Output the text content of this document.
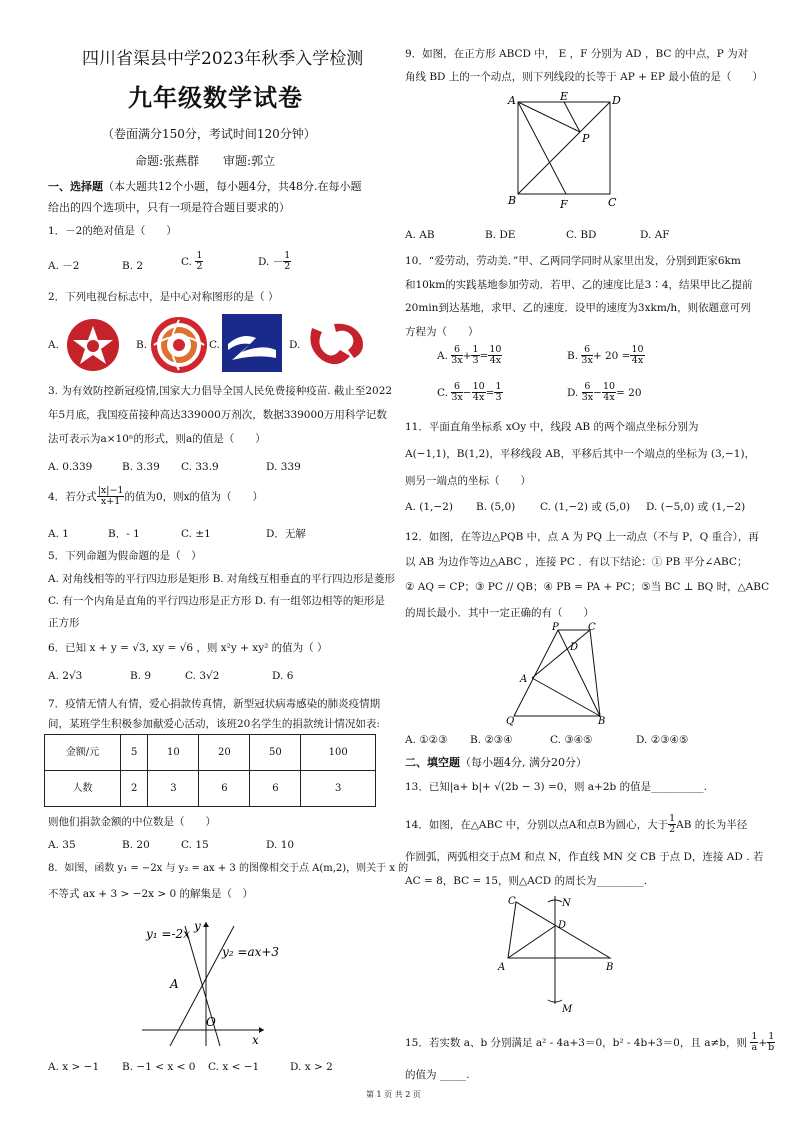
四川省渠县中学2023年秋季入学检测
九年级数学试卷
（卷面满分150分，考试时间120分钟）
命题:张燕群　　审题:郭立
一、选择题（本大题共12个小题，每小题4分，共48分.在每小题
给出的四个选项中，只有一项是符合题目要求的）
1．－2的绝对值是（　　）
A. －2	B. 2	C. $\frac{1}{2}$	D. － $\frac{1}{2}$
2．下列电视台标志中，是中心对称图形的是（ ）
A.	B.	C.	D.
3. 为有效防控新冠疫情,国家大力倡导全国人民免费接种疫苗. 截止至2022
年5月底，我国疫苗接种高达339000万剂次，数据339000万用科学记数
法可表示为a×10ⁿ的形式，则a的值是（　　）
A. 0.339	B. 3.39 C. 33.9	D. 339
4．若分式 $\frac{|x|-1}{x+1}$ 的值为0，则x的值为（　　）
A. 1	B．- 1	C. ±1	D．无解
5．下列命题为假命题的是（　）
A. 对角线相等的平行四边形是矩形 B. 对角线互相垂直的平行四边形是菱形
C. 有一个内角是直角的平行四边形是正方形 D. 有一组邻边相等的矩形是
正方形
6．已知 x + y = √3, xy = √6 ，则 x²y + xy² 的值为（ ）
A. 2√3	B. 9	C. 3√2	D. 6
7．疫情无情人有情，爱心捐款传真情，新型冠状病毒感染的肺炎疫情期
间，某班学生积极参加献爱心活动，该班20名学生的捐款统计情况如表:
金额/元	5	10	20	50	100
人数	2	3	6	6	3
则他们捐款金额的中位数是（　　）
A. 35	B. 20	C. 15	D. 10
8．如图，函数 y₁ = −2x 与 y₂ = ax + 3 的图像相交于点 A(m,2)，则关于 x 的
不等式 ax + 3 > −2x > 0 的解集是（　）
y₁ =-2x
y₂ =ax+3
y
A
O
x
A. x > −1 B. −1 < x < 0 C. x < −1	D. x > 2
9．如图，在正方形 ABCD 中， E ，F 分别为 AD ，BC 的中点，P 为对
角线 BD 上的一个动点，则下列线段的长等于 AP + EP 最小值的是（　　）
A	E	D
P
B	F	C
A. AB	B. DE	C. BD	D. AF
10．“爱劳动，劳动美．”甲、乙两同学同时从家里出发，分别到距家6km
和10km的实践基地参加劳动．若甲、乙的速度比是3∶4，结果甲比乙提前
20min到达基地，求甲、乙的速度．设甲的速度为3xkm/h，则依题意可列
方程为（　　）
A. $\frac{6}{3x} + \frac{1}{3} = \frac{10}{4x}$	B. $\frac{6}{3x} + 20 = \frac{10}{4x}$
C. $\frac{6}{3x} - \frac{10}{4x} = \frac{1}{3}$	D. $\frac{6}{3x} - \frac{10}{4x} = 20$
11．平面直角坐标系 xOy 中，线段 AB 的两个端点坐标分别为
A(−1,1)，B(1,2)，平移线段 AB，平移后其中一个端点的坐标为 (3,−1)，
则另一端点的坐标（　　）
A. (1,−2) B. (5,0) C. (1,−2) 或 (5,0) D. (−5,0) 或 (1,−2)
12．如图，在等边△PQB 中，点 A 为 PQ 上一动点（不与 P，Q 重合），再
以 AB 为边作等边△ABC ，连接 PC ．有以下结论：① PB 平分∠ABC；
② AQ = CP；③ PC // QB；④ PB = PA + PC；⑤当 BC ⊥ BQ 时，△ABC
的周长最小．其中一定正确的有（　　）
P	C
D
A
Q	B
A. ①②③ B. ②③④	C. ③④⑤	D. ②③④⑤
二、填空题（每小题4分, 满分20分）
13．已知|a+ b|+ √(2b − 3) =0，则 a+2b 的值是__________.
14．如图，在△ABC 中，分别以点A和点B为圆心，大于 $\frac{1}{2}$ AB 的长为半径
作圆弧，两弧相交于点M 和点 N，作直线 MN 交 CB 于点 D，连接 AD . 若
AC = 8，BC = 15，则△ACD 的周长为_________.
C	N
D
A	B
M
15．若实数 a、b 分别满足 a² - 4a+3＝0，b² - 4b+3＝0，且 a≠b，则 $\frac{1}{a} + \frac{1}{b}$
的值为 _____.
第 1 页 共 2 页
